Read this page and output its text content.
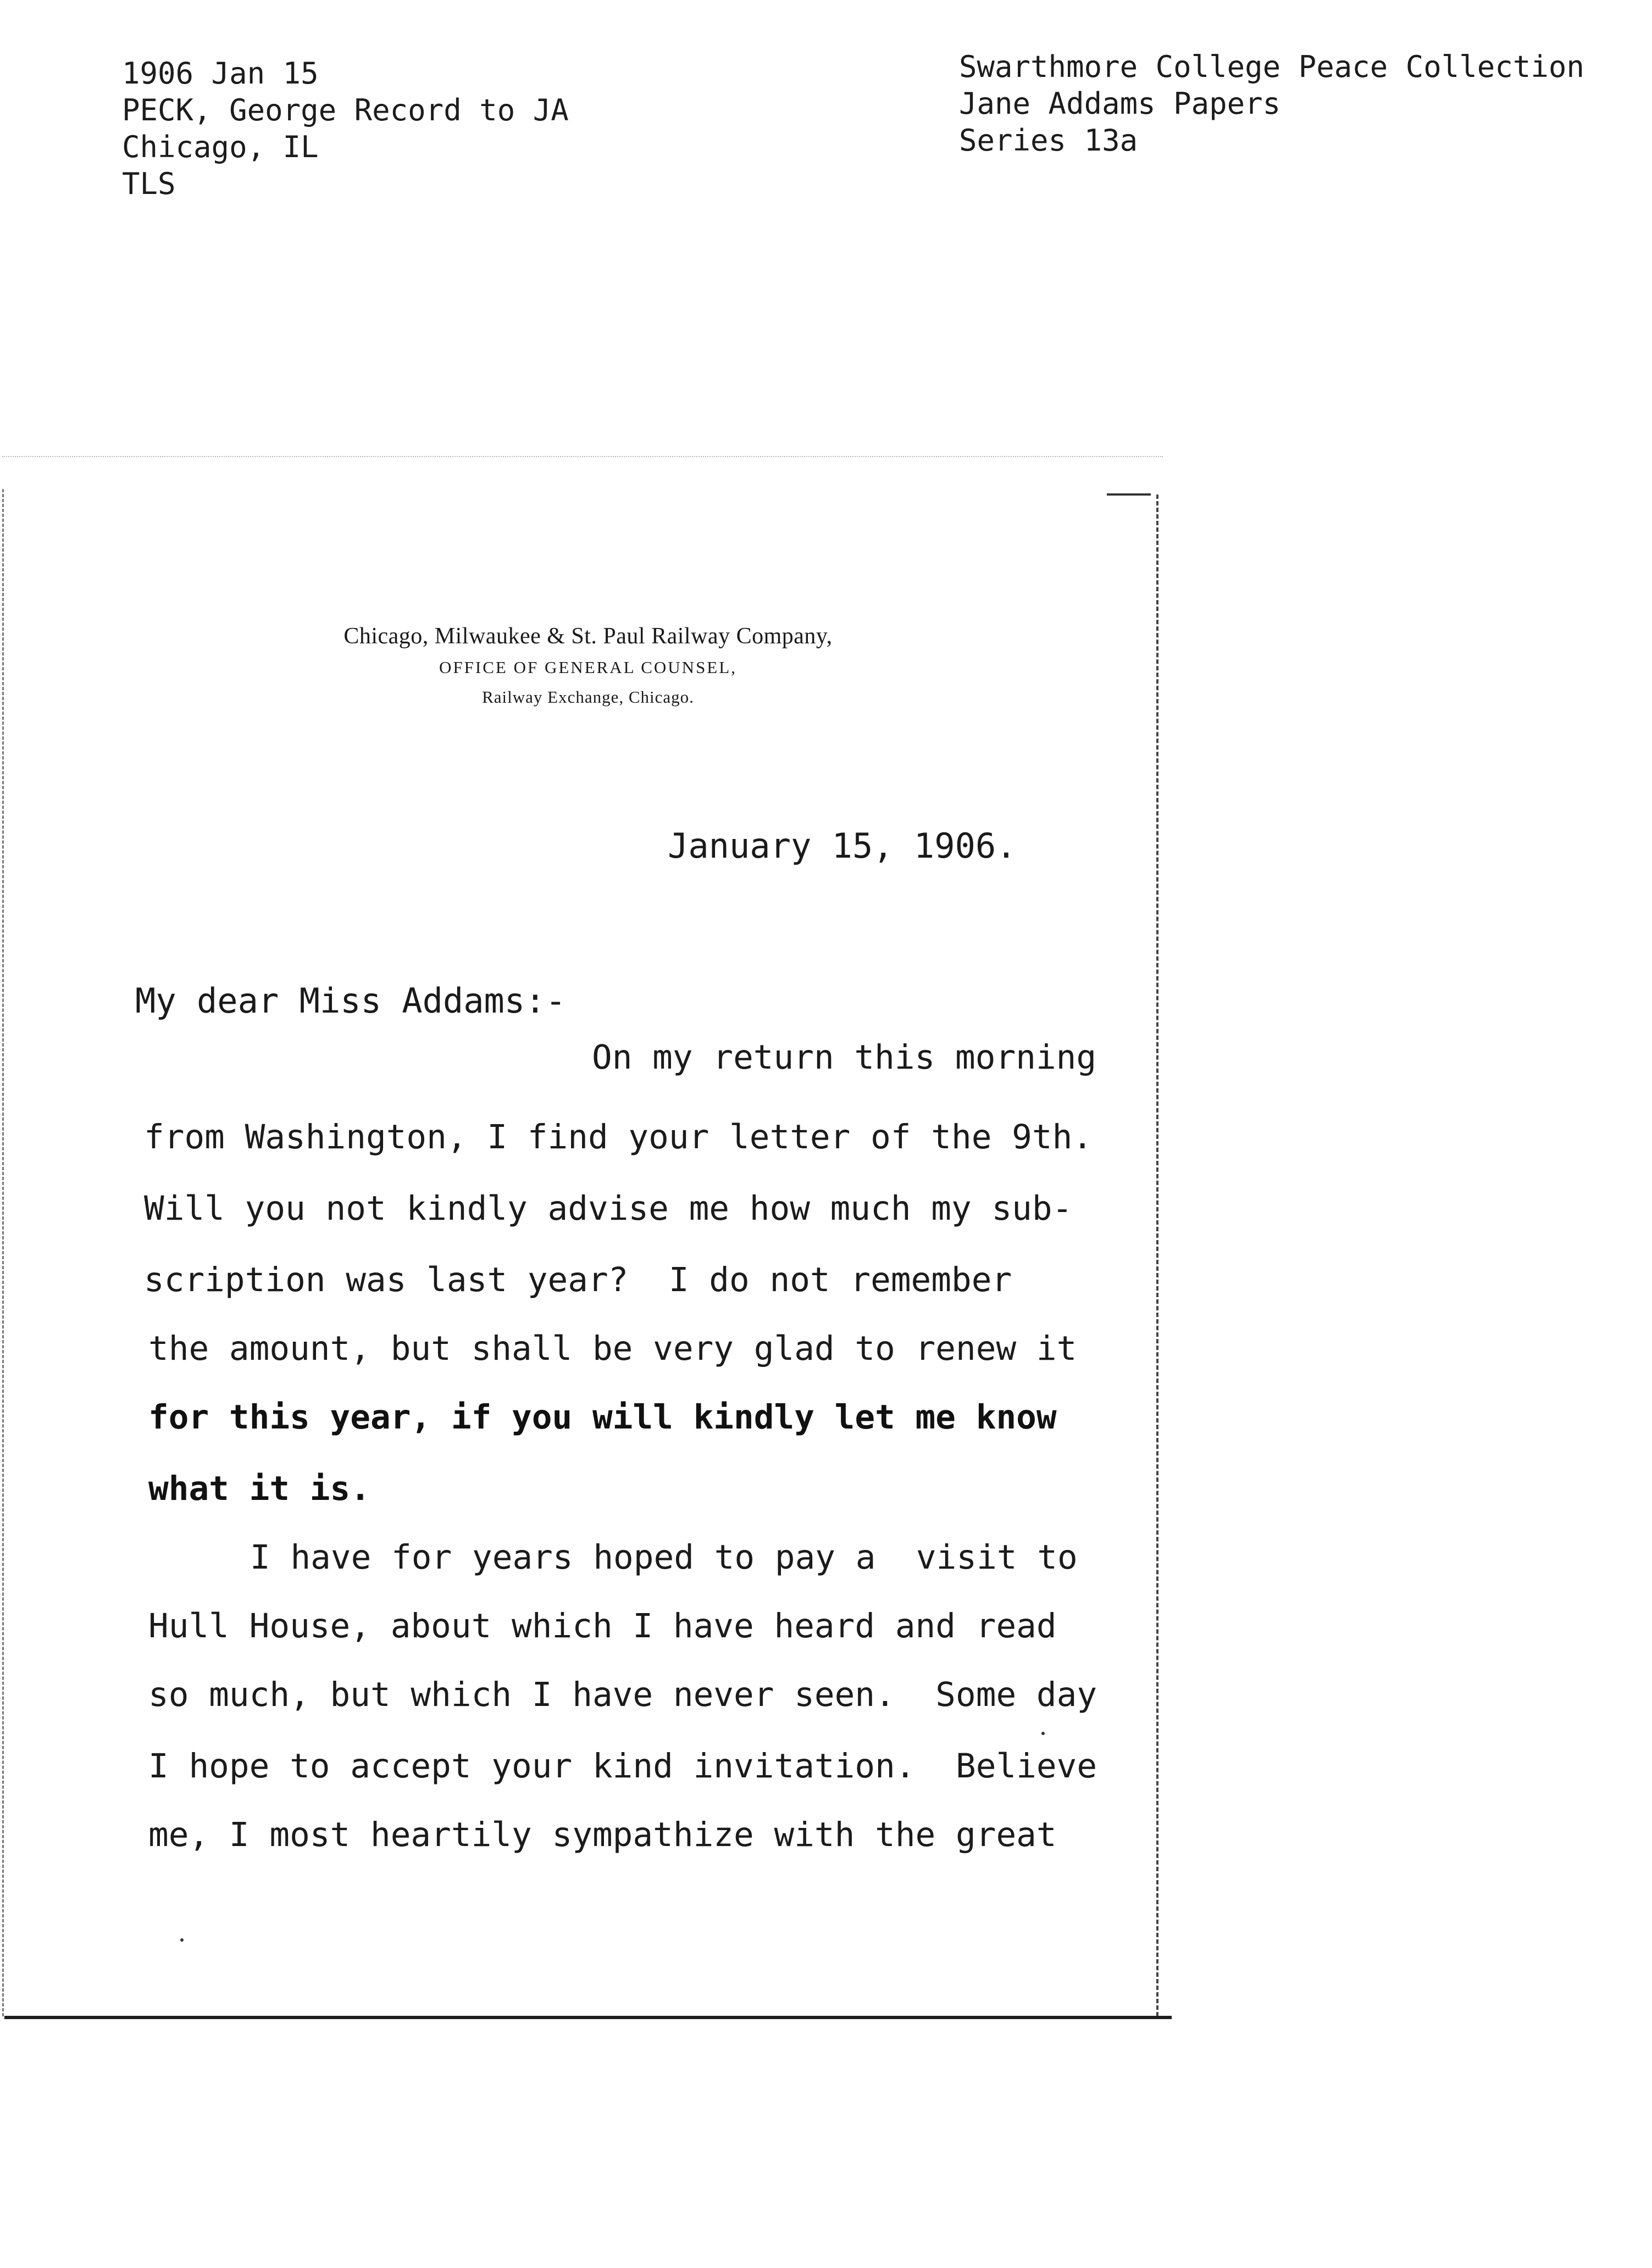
1906 Jan 15
PECK, George Record to JA
Chicago, IL
TLS
Swarthmore College Peace Collection
Jane Addams Papers
Series 13a
Chicago, Milwaukee & St. Paul Railway Company,
OFFICE OF GENERAL COUNSEL,
Railway Exchange, Chicago.
January 15, 1906.
My dear Miss Addams:-
On my return this morning
from Washington, I find your letter of the 9th.
Will you not kindly advise me how much my sub-
scription was last year?  I do not remember
the amount, but shall be very glad to renew it
for this year, if you will kindly let me know
what it is.
I have for years hoped to pay a  visit to
Hull House, about which I have heard and read
so much, but which I have never seen.  Some day
I hope to accept your kind invitation.  Believe
me, I most heartily sympathize with the great
